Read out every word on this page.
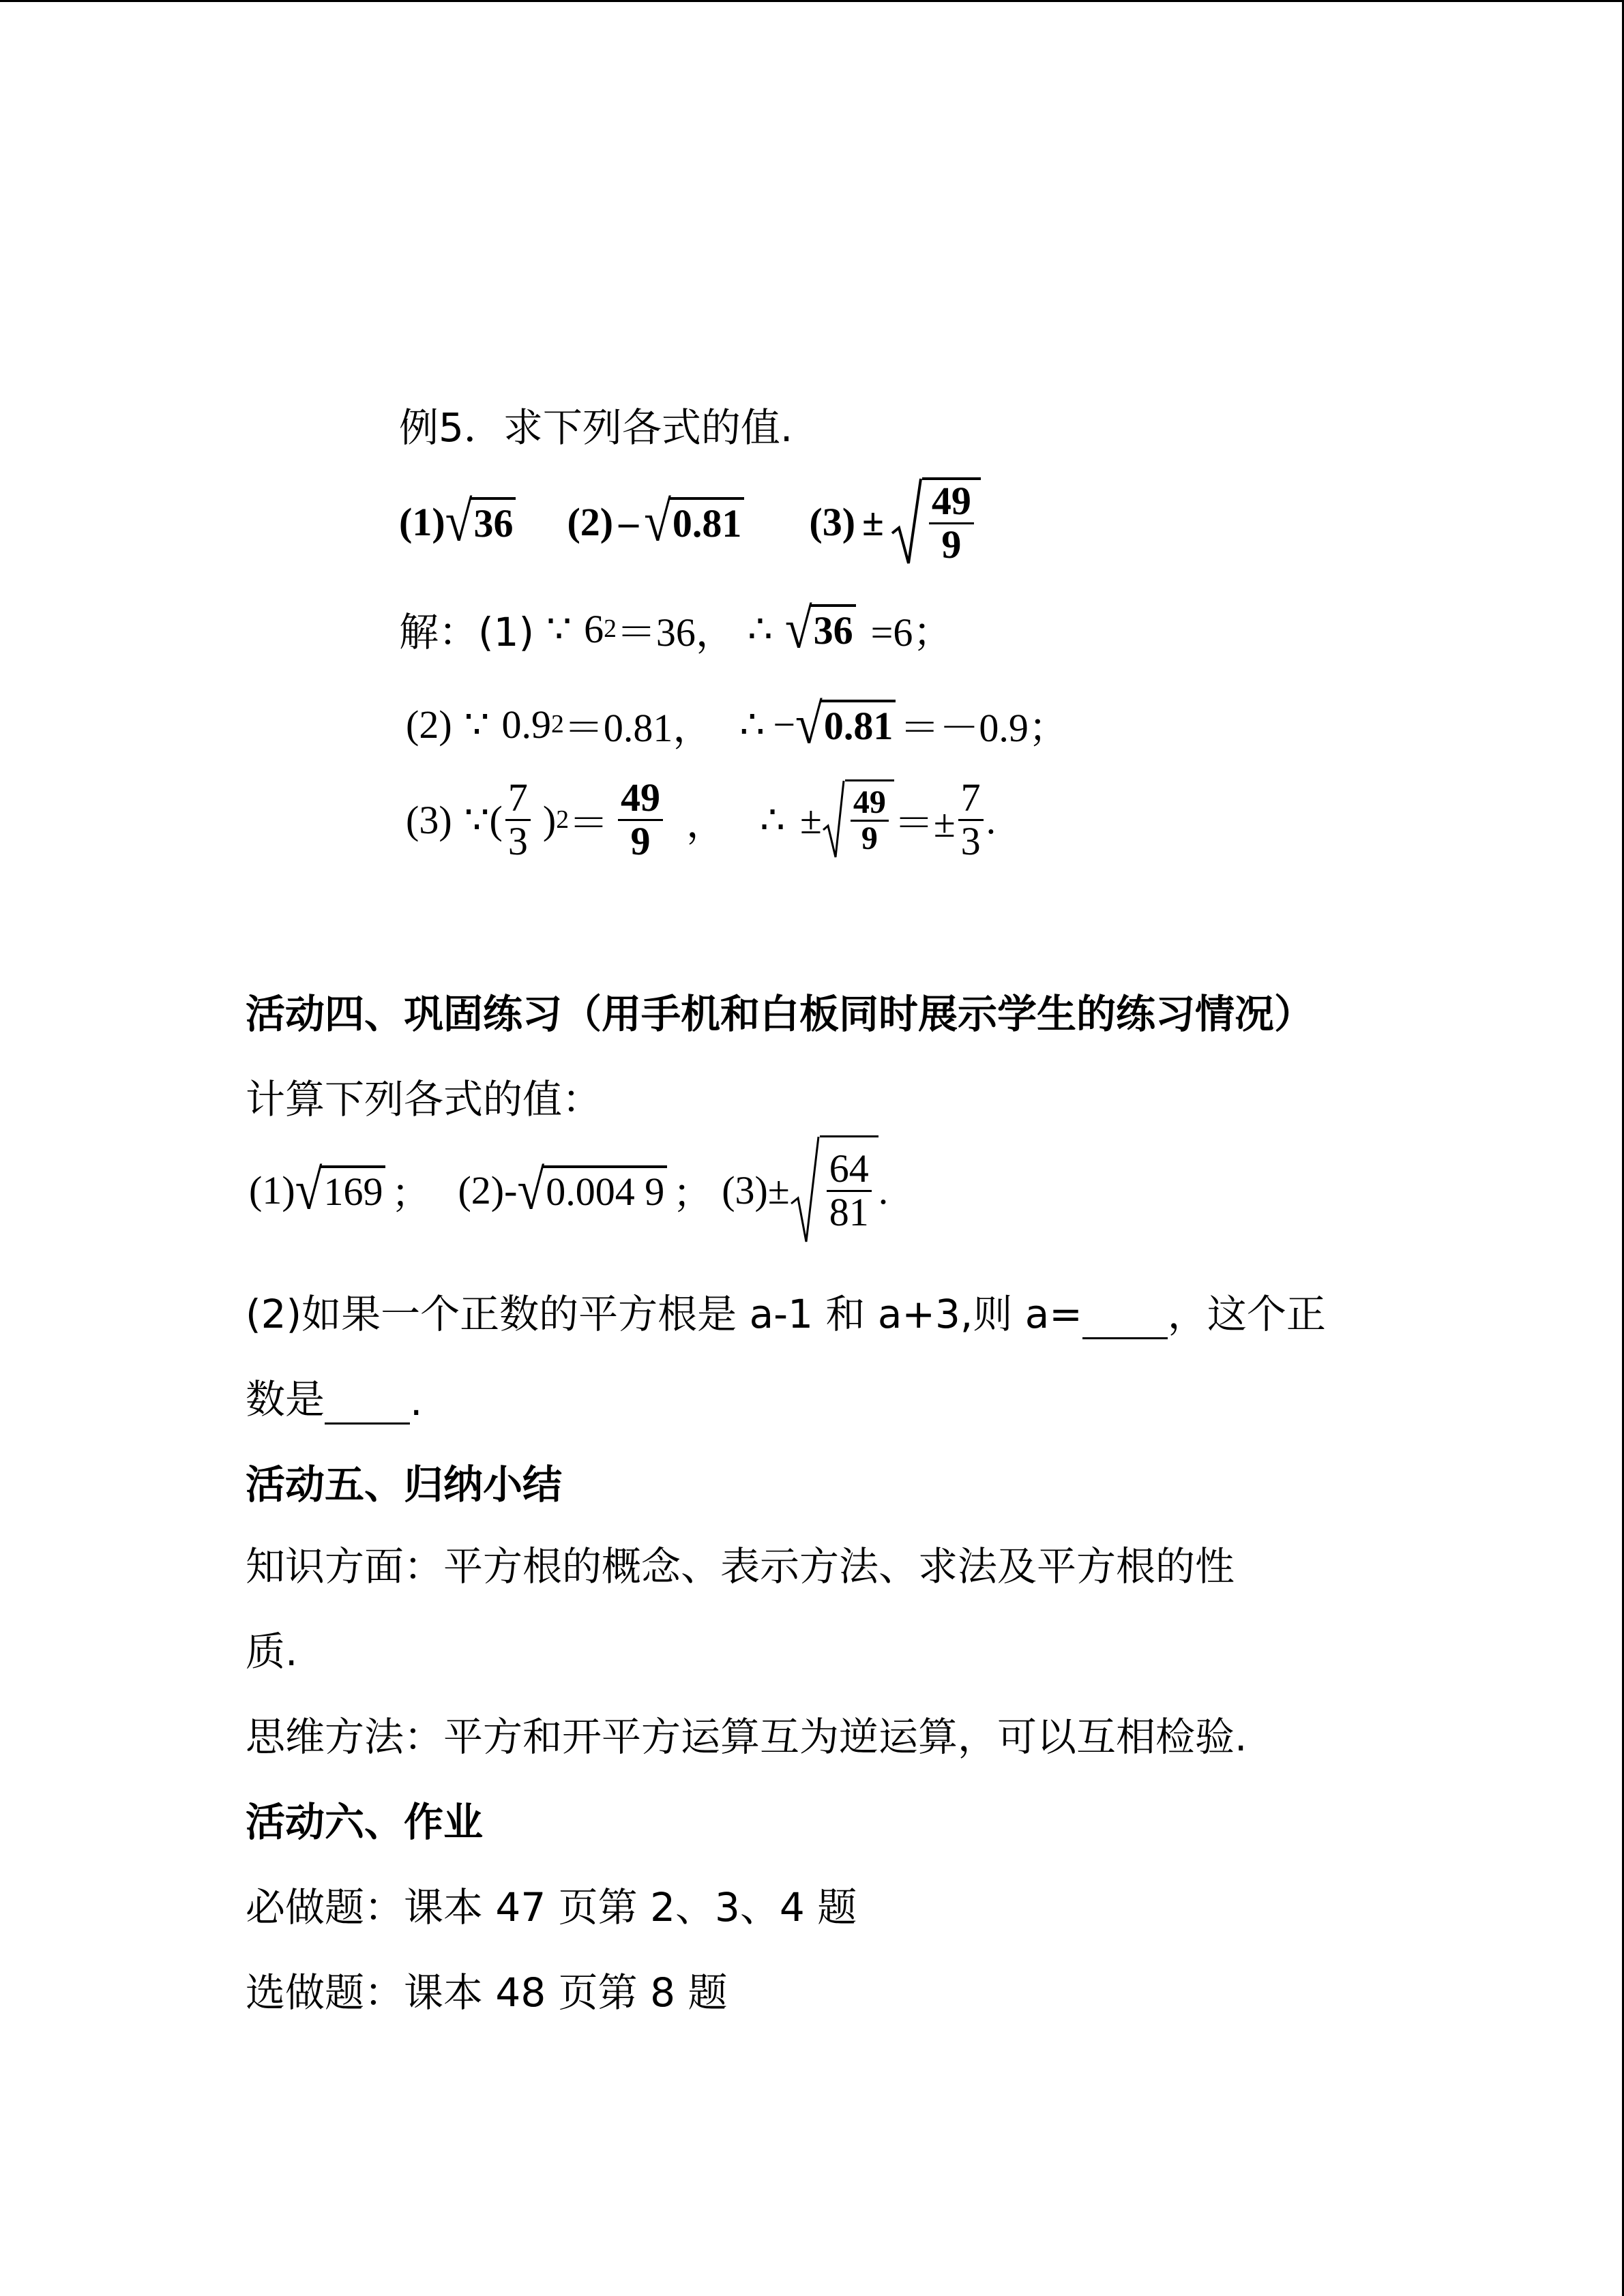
例5．求下列各式的值.
(1) √ 36 (2) – √ 0.81 $(3) \pm \frac{49}{9}$
解：(1) ∵ 6 2 ＝36， ∴ √ 36 =6；
(2) ∵ 0.9 2 ＝0.81， ∴ − √ 0.81 ＝－0.9；
(3) ∵( $\frac{7}{3}$ ) $2 = \frac{49}{9}$ ， ∴ ± $\frac{49}{9} =\pm \frac{7}{3}$ .
活动四、巩固练习（用手机和白板同时展示学生的练习情况）
计算下列各式的值：
(1) √ 169 ； (2)- √ 0.004 9 ； $(3)\pm \frac{64}{81}$ .
(2)如果一个正数的平方根是 a-1 和 a+3,则 a= ，这个正
数是 .
活动五、归纳小结
知识方面：平方根的概念、表示方法、求法及平方根的性
质.
思维方法：平方和开平方运算互为逆运算，可以互相检验.
活动六、作业
必做题：课本 47 页第 2、3、4 题
选做题：课本 48 页第 8 题
